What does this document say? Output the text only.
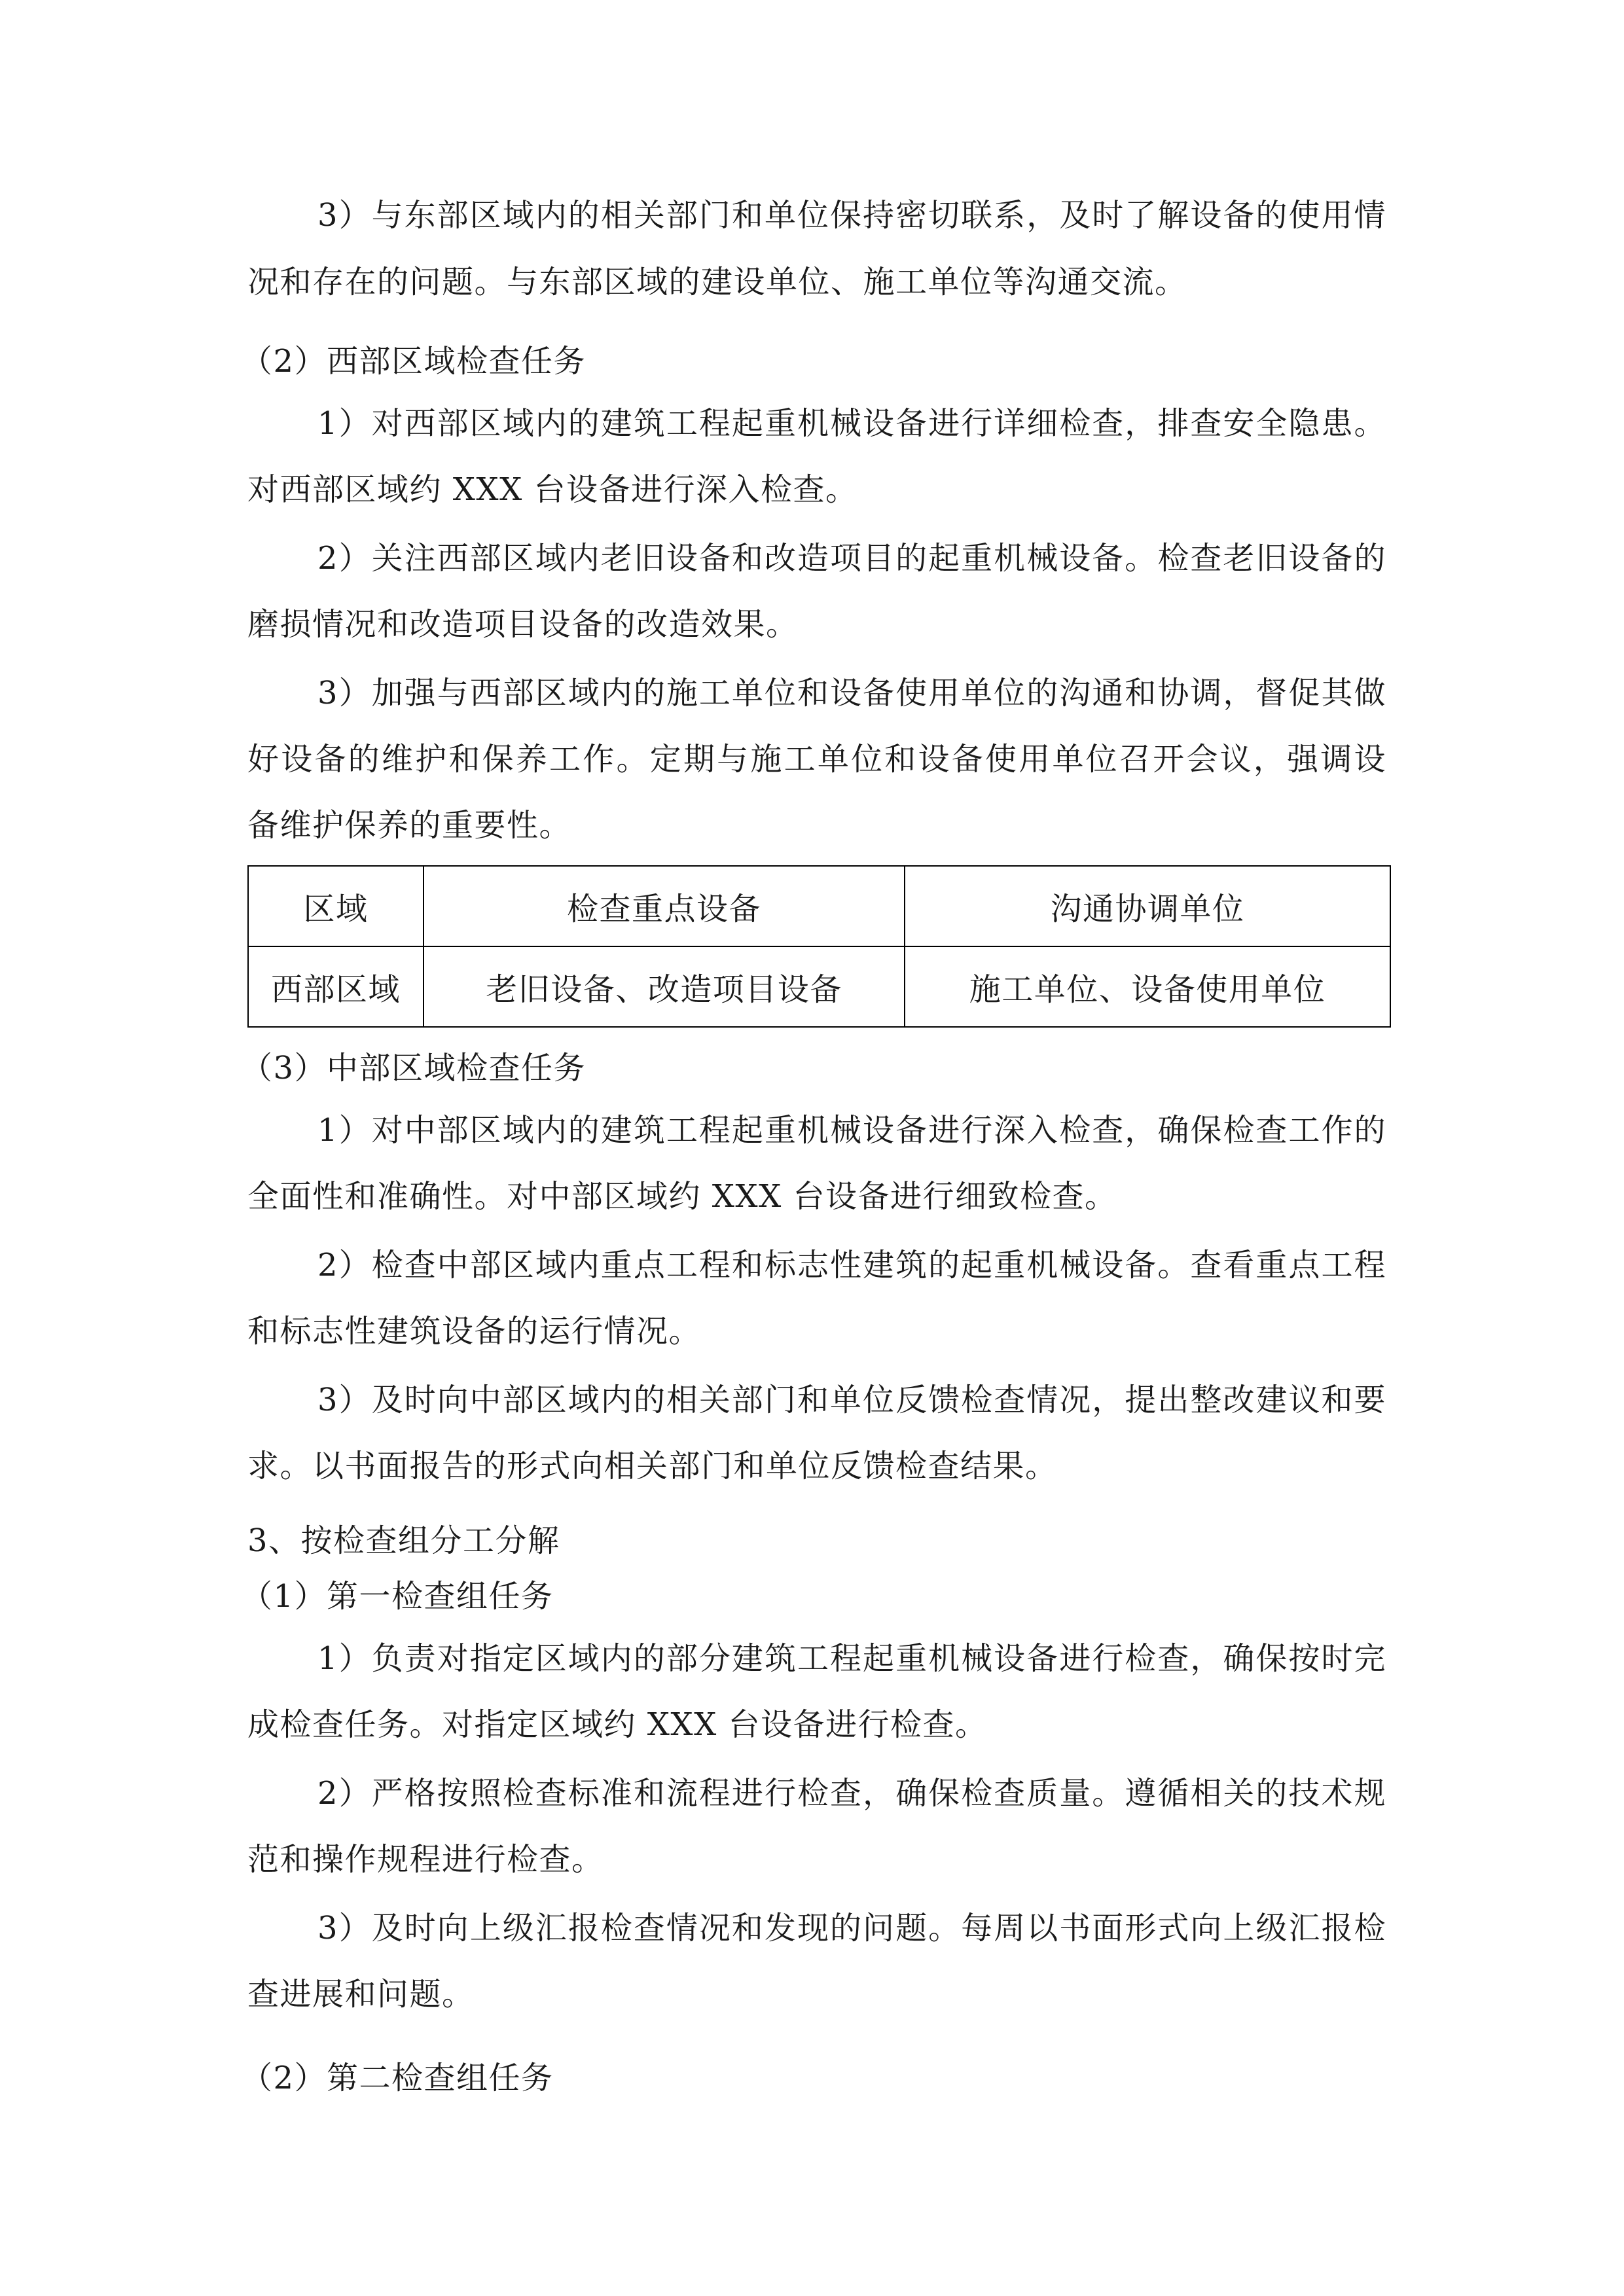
3）与东部区域内的相关部门和单位保持密切联系，及时了解设备的使用情
况和存在的问题。与东部区域的建设单位、施工单位等沟通交流。
（2）西部区域检查任务
1）对西部区域内的建筑工程起重机械设备进行详细检查，排查安全隐患。
对西部区域约 XXX 台设备进行深入检查。
2）关注西部区域内老旧设备和改造项目的起重机械设备。检查老旧设备的
磨损情况和改造项目设备的改造效果。
3）加强与西部区域内的施工单位和设备使用单位的沟通和协调，督促其做
好设备的维护和保养工作。定期与施工单位和设备使用单位召开会议，强调设
备维护保养的重要性。
区域	检查重点设备	沟通协调单位
西部区域	老旧设备、改造项目设备	施工单位、设备使用单位
（3）中部区域检查任务
1）对中部区域内的建筑工程起重机械设备进行深入检查，确保检查工作的
全面性和准确性。对中部区域约 XXX 台设备进行细致检查。
2）检查中部区域内重点工程和标志性建筑的起重机械设备。查看重点工程
和标志性建筑设备的运行情况。
3）及时向中部区域内的相关部门和单位反馈检查情况，提出整改建议和要
求。以书面报告的形式向相关部门和单位反馈检查结果。
3、按检查组分工分解
（1）第一检查组任务
1）负责对指定区域内的部分建筑工程起重机械设备进行检查，确保按时完
成检查任务。对指定区域约 XXX 台设备进行检查。
2）严格按照检查标准和流程进行检查，确保检查质量。遵循相关的技术规
范和操作规程进行检查。
3）及时向上级汇报检查情况和发现的问题。每周以书面形式向上级汇报检
查进展和问题。
（2）第二检查组任务
